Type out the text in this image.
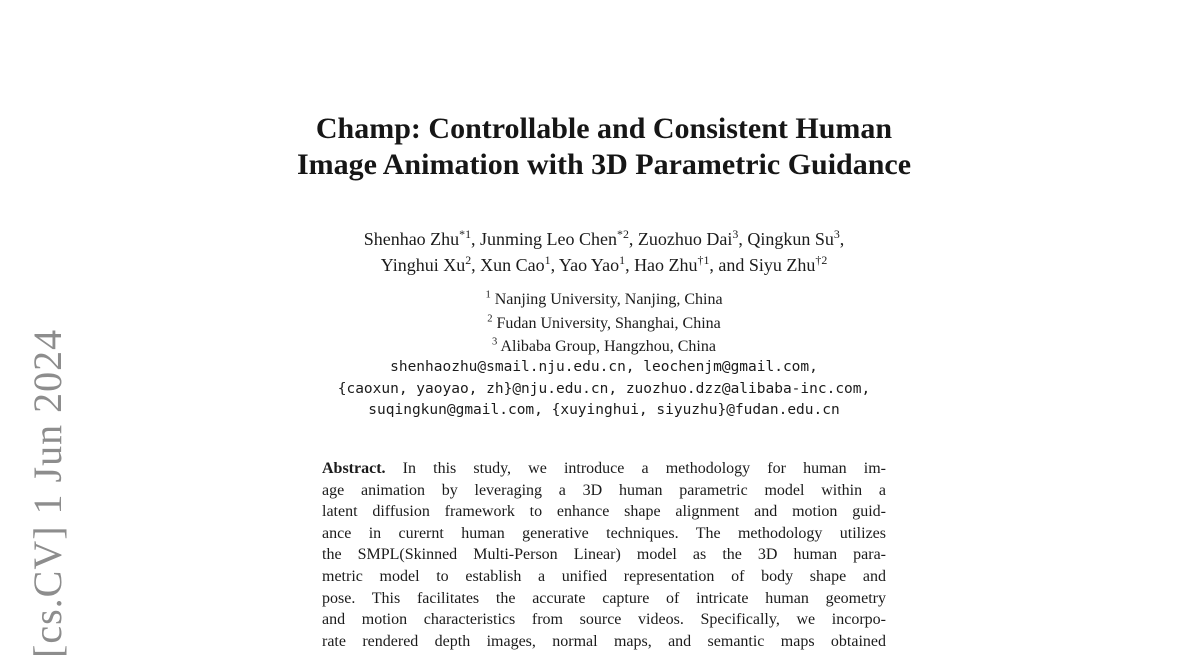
[cs.CV] 1 Jun 2024
Champ: Controllable and Consistent Human
Image Animation with 3D Parametric Guidance
Shenhao Zhu$^{*1}$, Junming Leo Chen$^{*2}$, Zuozhuo Dai$^3$, Qingkun Su$^3$,
Yinghui Xu$^2$, Xun Cao$^1$, Yao Yao$^1$, Hao Zhu$^{\dagger 1}$, and Siyu Zhu$^{\dagger 2}$
$^1$ Nanjing University, Nanjing, China
$^2$ Fudan University, Shanghai, China
$^3$ Alibaba Group, Hangzhou, China
shenhaozhu@smail.nju.edu.cn, leochenjm@gmail.com,
{caoxun, yaoyao, zh}@nju.edu.cn, zuozhuo.dzz@alibaba-inc.com,
suqingkun@gmail.com, {xuyinghui, siyuzhu}@fudan.edu.cn
Abstract. In this study, we introduce a methodology for human im-
age animation by leveraging a 3D human parametric model within a
latent diffusion framework to enhance shape alignment and motion guid-
ance in curernt human generative techniques. The methodology utilizes
the SMPL(Skinned Multi-Person Linear) model as the 3D human para-
metric model to establish a unified representation of body shape and
pose. This facilitates the accurate capture of intricate human geometry
and motion characteristics from source videos. Specifically, we incorpo-
rate rendered depth images, normal maps, and semantic maps obtained
